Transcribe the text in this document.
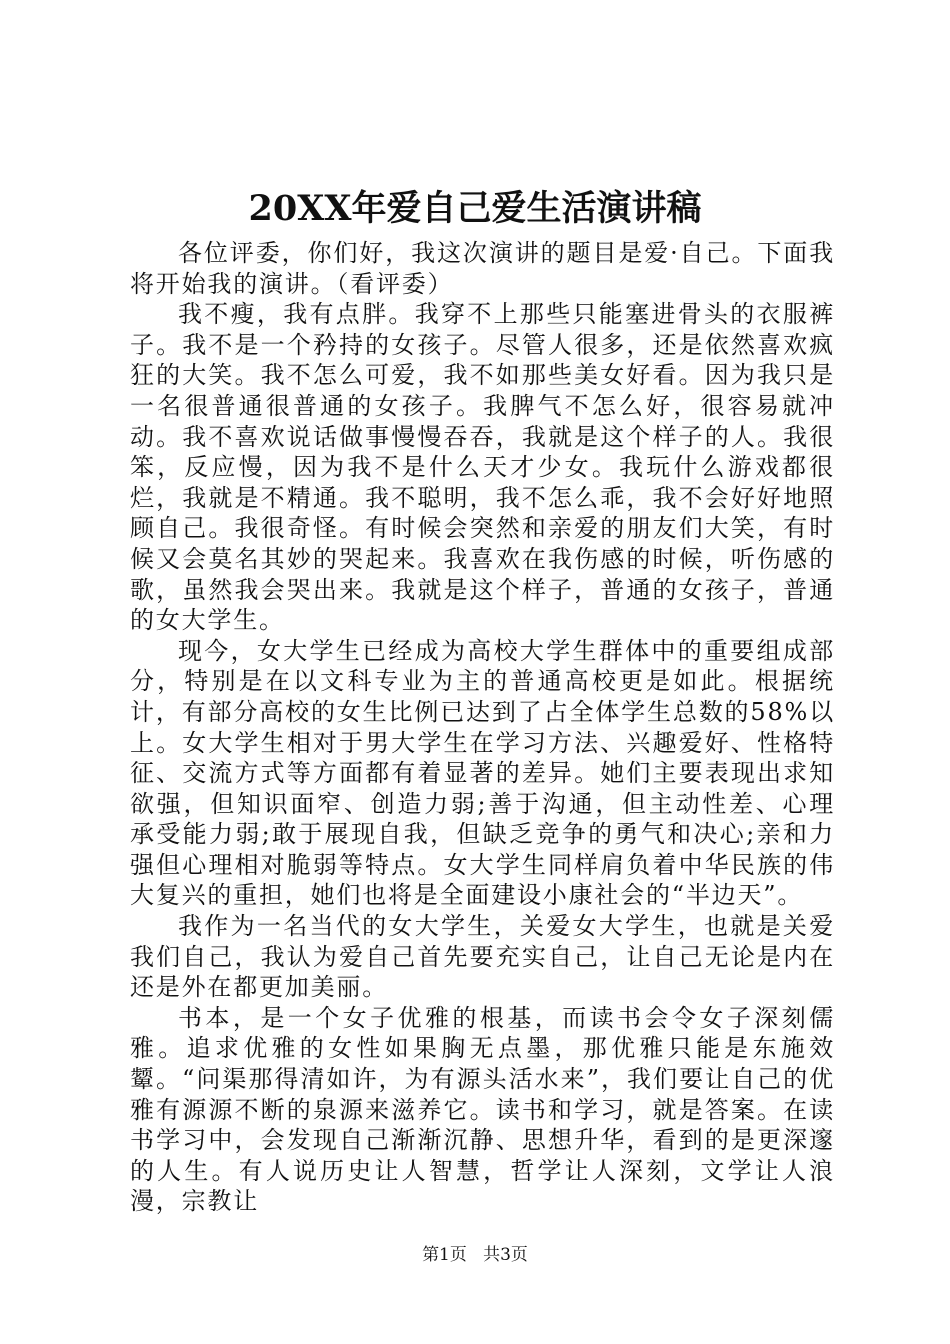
20XX年爱自己爱生活演讲稿

各位评委，你们好，我这次演讲的题目是爱·自己。下面我将开始我的演讲。（看评委）

我不瘦，我有点胖。我穿不上那些只能塞进骨头的衣服裤子。我不是一个矜持的女孩子。尽管人很多，还是依然喜欢疯狂的大笑。我不怎么可爱，我不如那些美女好看。因为我只是一名很普通很普通的女孩子。我脾气不怎么好，很容易就冲动。我不喜欢说话做事慢慢吞吞，我就是这个样子的人。我很笨，反应慢，因为我不是什么天才少女。我玩什么游戏都很烂，我就是不精通。我不聪明，我不怎么乖，我不会好好地照顾自己。我很奇怪。有时候会突然和亲爱的朋友们大笑，有时候又会莫名其妙的哭起来。我喜欢在我伤感的时候，听伤感的歌，虽然我会哭出来。我就是这个样子，普通的女孩子，普通的女大学生。

现今，女大学生已经成为高校大学生群体中的重要组成部分，特别是在以文科专业为主的普通高校更是如此。根据统计，有部分高校的女生比例已达到了占全体学生总数的58%以上。女大学生相对于男大学生在学习方法、兴趣爱好、性格特征、交流方式等方面都有着显著的差异。她们主要表现出求知欲强，但知识面窄、创造力弱;善于沟通，但主动性差、心理承受能力弱;敢于展现自我，但缺乏竞争的勇气和决心;亲和力强但心理相对脆弱等特点。女大学生同样肩负着中华民族的伟大复兴的重担，她们也将是全面建设小康社会的“半边天”。

我作为一名当代的女大学生，关爱女大学生，也就是关爱我们自己，我认为爱自己首先要充实自己，让自己无论是内在还是外在都更加美丽。

书本，是一个女子优雅的根基，而读书会令女子深刻儒雅。追求优雅的女性如果胸无点墨，那优雅只能是东施效颦。“问渠那得清如许，为有源头活水来”，我们要让自己的优雅有源源不断的泉源来滋养它。读书和学习，就是答案。在读书学习中，会发现自己渐渐沉静、思想升华，看到的是更深邃的人生。有人说历史让人智慧，哲学让人深刻，文学让人浪漫，宗教让

第1页 共3页
